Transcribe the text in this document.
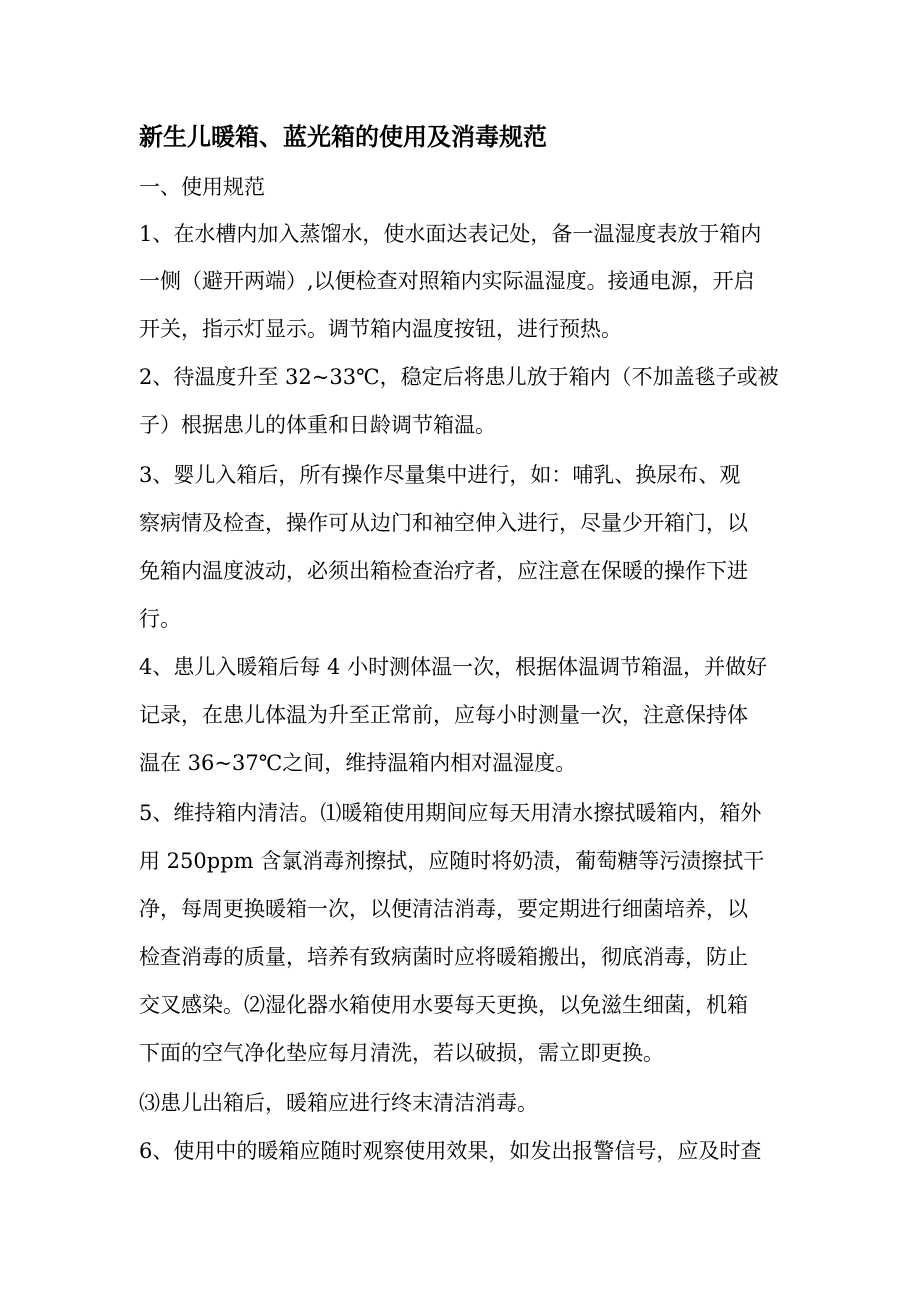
新生儿暖箱、蓝光箱的使用及消毒规范
一、使用规范
1、在水槽内加入蒸馏水，使水面达表记处，备一温湿度表放于箱内
一侧（避开两端）,以便检查对照箱内实际温湿度。接通电源，开启
开关，指示灯显示。调节箱内温度按钮，进行预热。
2、待温度升至 32~33℃，稳定后将患儿放于箱内（不加盖毯子或被
子）根据患儿的体重和日龄调节箱温。
3、婴儿入箱后，所有操作尽量集中进行，如：哺乳、换尿布、观
察病情及检查，操作可从边门和袖空伸入进行，尽量少开箱门，以
免箱内温度波动，必须出箱检查治疗者，应注意在保暖的操作下进
行。
4、患儿入暖箱后每 4 小时测体温一次，根据体温调节箱温，并做好
记录，在患儿体温为升至正常前，应每小时测量一次，注意保持体
温在 36~37℃之间，维持温箱内相对温湿度。
5、维持箱内清洁。⑴暖箱使用期间应每天用清水擦拭暖箱内，箱外
用 250ppm 含氯消毒剂擦拭，应随时将奶渍，葡萄糖等污渍擦拭干
净，每周更换暖箱一次，以便清洁消毒，要定期进行细菌培养，以
检查消毒的质量，培养有致病菌时应将暖箱搬出，彻底消毒，防止
交叉感染。⑵湿化器水箱使用水要每天更换，以免滋生细菌，机箱
下面的空气净化垫应每月清洗，若以破损，需立即更换。
⑶患儿出箱后，暖箱应进行终末清洁消毒。
6、使用中的暖箱应随时观察使用效果，如发出报警信号，应及时查
